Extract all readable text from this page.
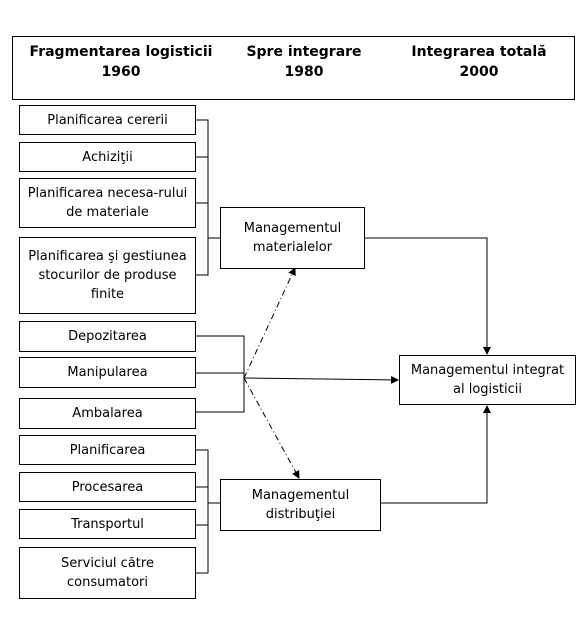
Fragmentarea logisticii
1960
Spre integrare
1980
Integrarea totală
2000
Planificarea cererii
Achiziţii
Planificarea necesa-rului de materiale
Planificarea şi gestiunea stocurilor de produse finite
Depozitarea
Manipularea
Ambalarea
Planificarea
Procesarea
Transportul
Serviciul către consumatori
Managementul materialelor
Managementul distribuţiei
Managementul integrat al logisticii
